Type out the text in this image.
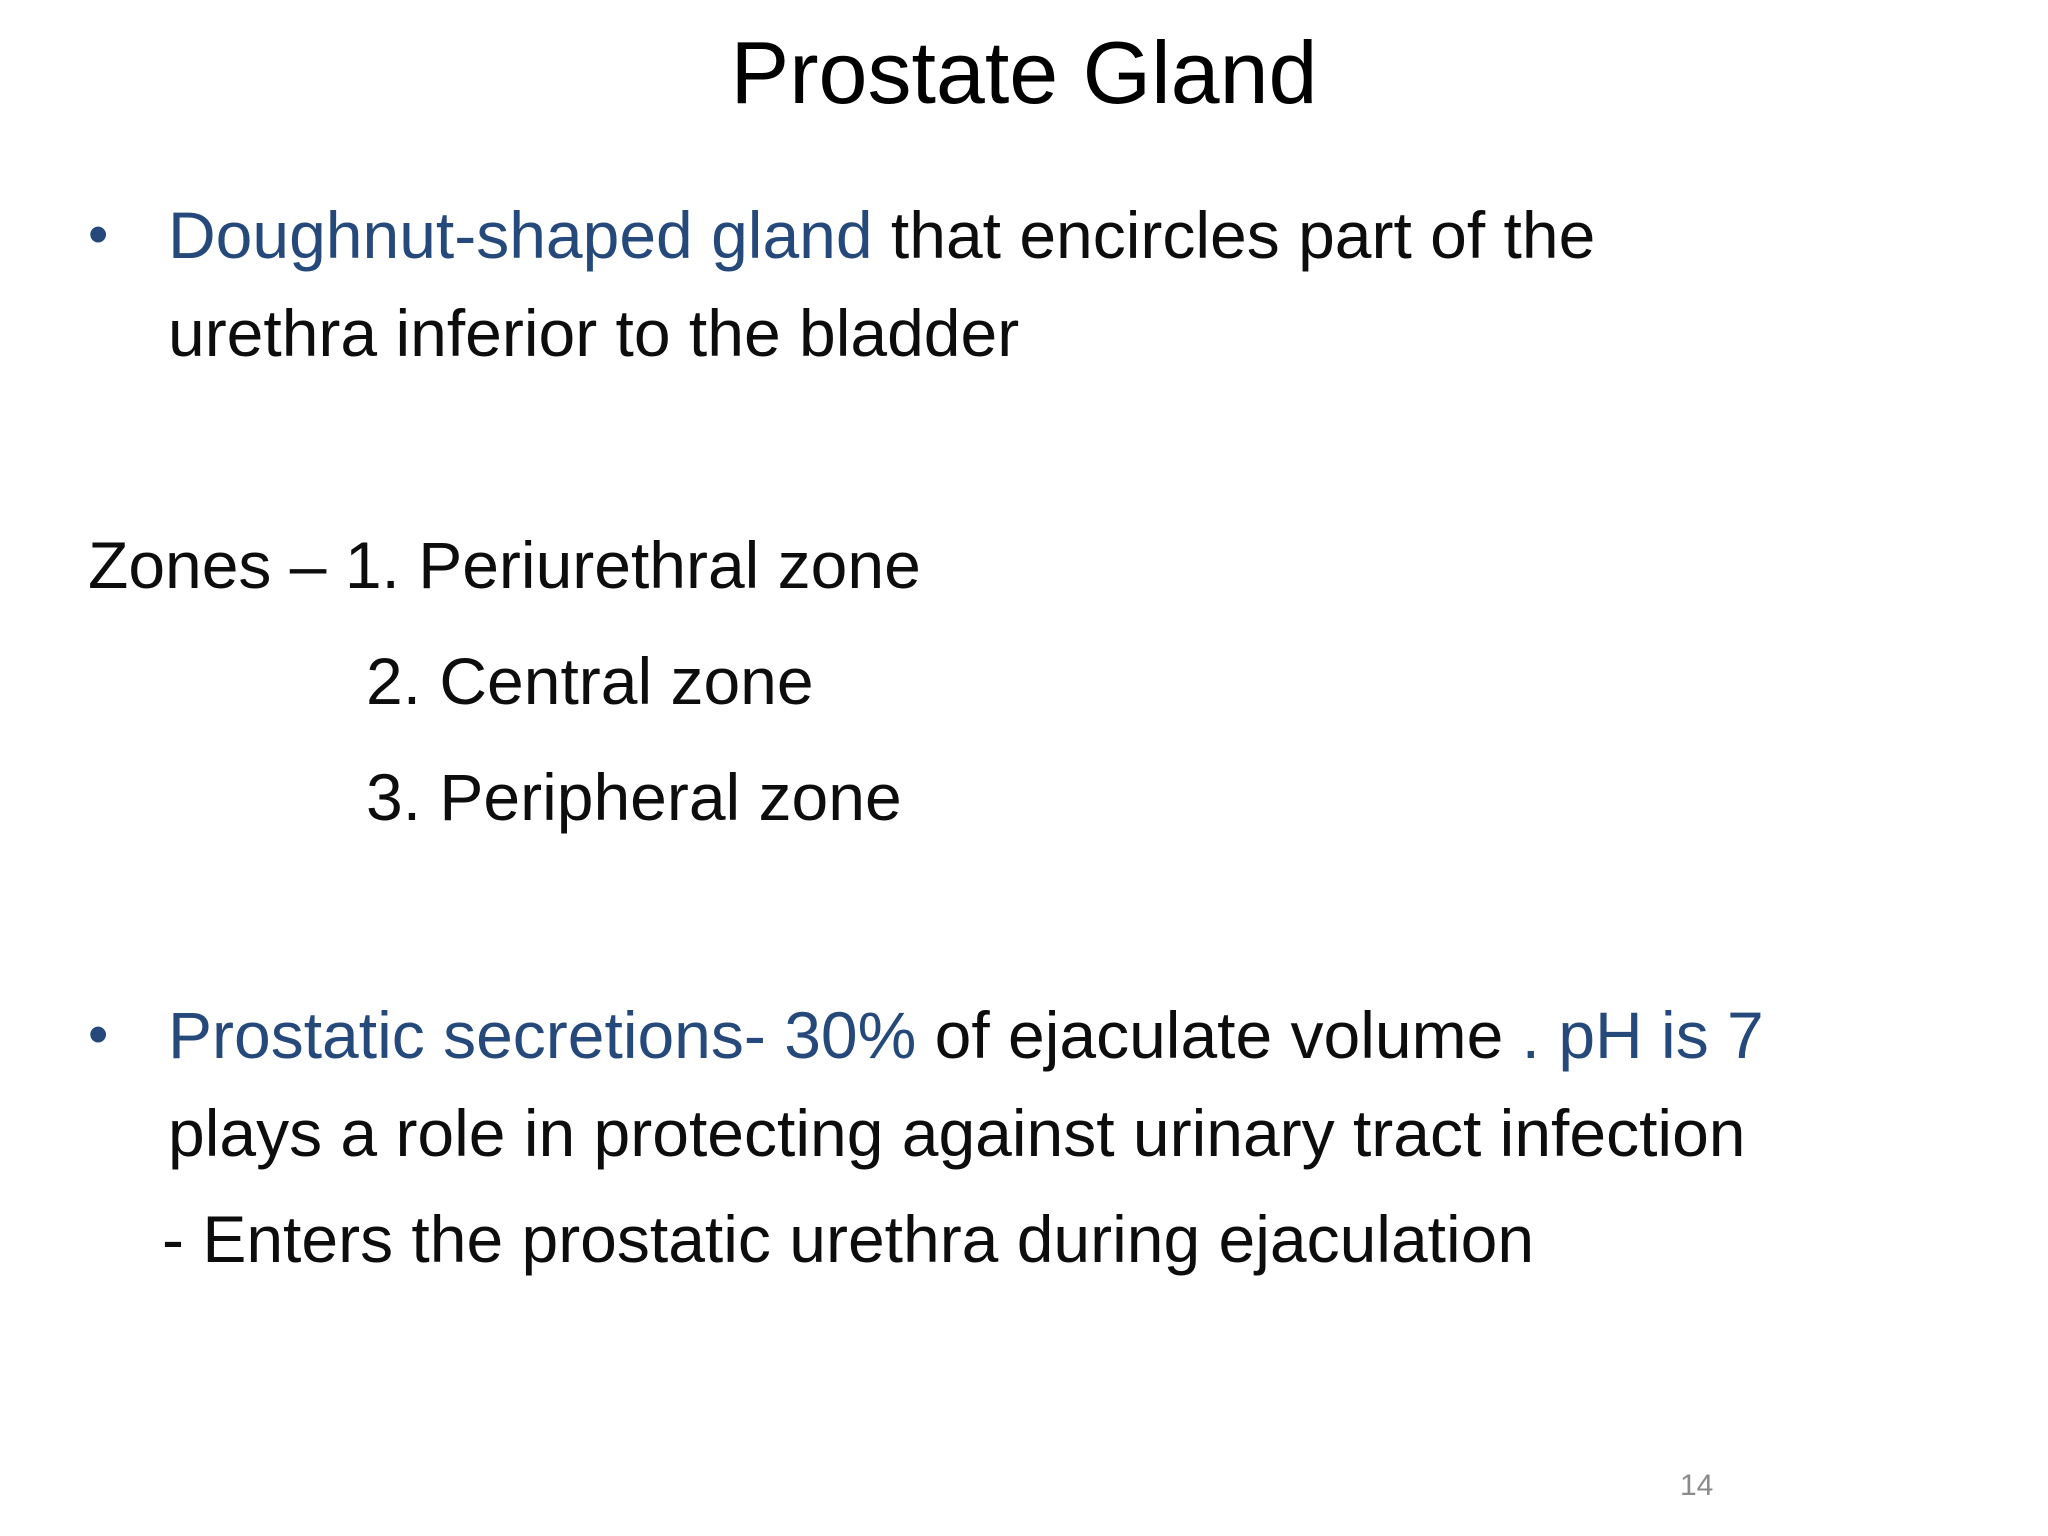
Prostate Gland
• Doughnut-shaped gland that encircles part of the
urethra inferior to the bladder
Zones – 1. Periurethral zone
2. Central zone
3. Peripheral zone
• Prostatic secretions- 30% of ejaculate volume . pH is 7
plays a role in protecting against urinary tract infection
- Enters the prostatic urethra during ejaculation
14
